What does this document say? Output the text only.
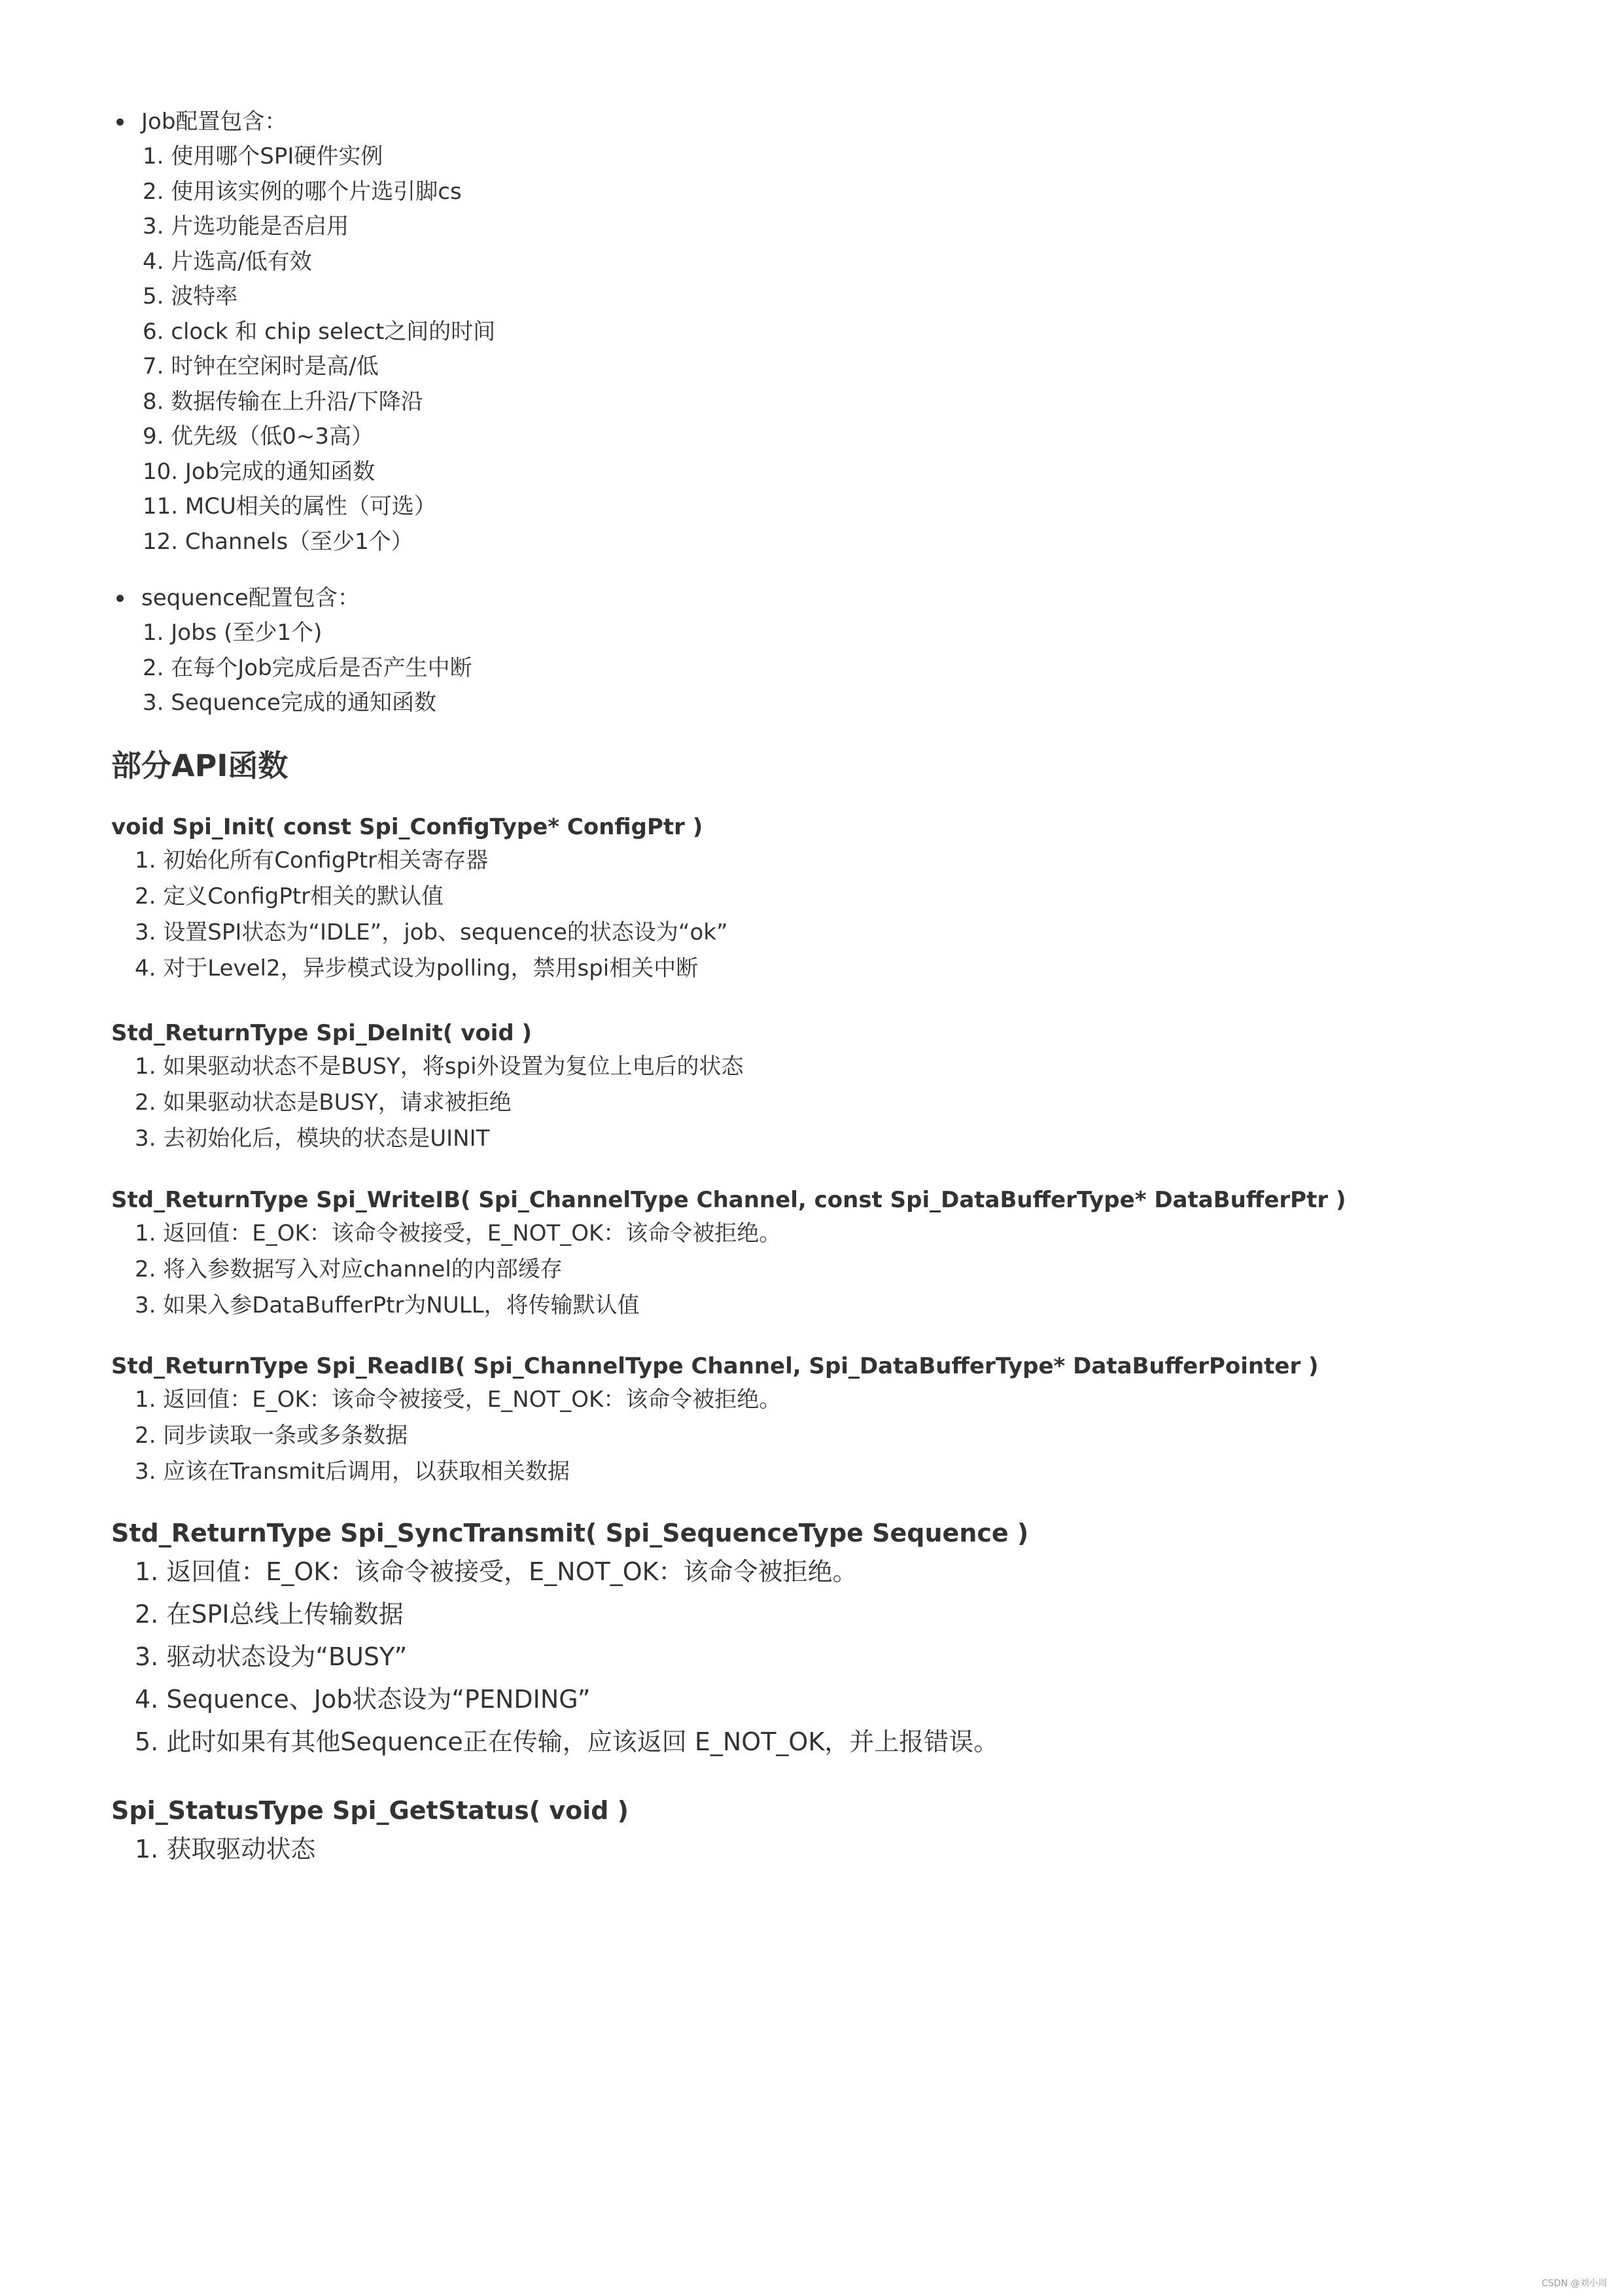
Job配置包含：
1. 使用哪个SPI硬件实例
2. 使用该实例的哪个片选引脚cs
3. 片选功能是否启用
4. 片选高/低有效
5. 波特率
6. clock 和 chip select之间的时间
7. 时钟在空闲时是高/低
8. 数据传输在上升沿/下降沿
9. 优先级（低0~3高）
10. Job完成的通知函数
11. MCU相关的属性（可选）
12. Channels（至少1个）
sequence配置包含：
1. Jobs (至少1个)
2. 在每个Job完成后是否产生中断
3. Sequence完成的通知函数
部分API函数
void Spi_Init( const Spi_ConfigType* ConfigPtr )
1. 初始化所有ConfigPtr相关寄存器
2. 定义ConfigPtr相关的默认值
3. 设置SPI状态为“IDLE”，job、sequence的状态设为“ok”
4. 对于Level2，异步模式设为polling，禁用spi相关中断
Std_ReturnType Spi_DeInit( void )
1. 如果驱动状态不是BUSY，将spi外设置为复位上电后的状态
2. 如果驱动状态是BUSY，请求被拒绝
3. 去初始化后，模块的状态是UINIT
Std_ReturnType Spi_WriteIB( Spi_ChannelType Channel, const Spi_DataBufferType* DataBufferPtr )
1. 返回值：E_OK：该命令被接受，E_NOT_OK：该命令被拒绝。
2. 将入参数据写入对应channel的内部缓存
3. 如果入参DataBufferPtr为NULL，将传输默认值
Std_ReturnType Spi_ReadIB( Spi_ChannelType Channel, Spi_DataBufferType* DataBufferPointer )
1. 返回值：E_OK：该命令被接受，E_NOT_OK：该命令被拒绝。
2. 同步读取一条或多条数据
3. 应该在Transmit后调用，以获取相关数据
Std_ReturnType Spi_SyncTransmit( Spi_SequenceType Sequence )
1. 返回值：E_OK：该命令被接受，E_NOT_OK：该命令被拒绝。
2. 在SPI总线上传输数据
3. 驱动状态设为“BUSY”
4. Sequence、Job状态设为“PENDING”
5. 此时如果有其他Sequence正在传输，应该返回 E_NOT_OK，并上报错误。
Spi_StatusType Spi_GetStatus( void )
1. 获取驱动状态
CSDN @刘小周
